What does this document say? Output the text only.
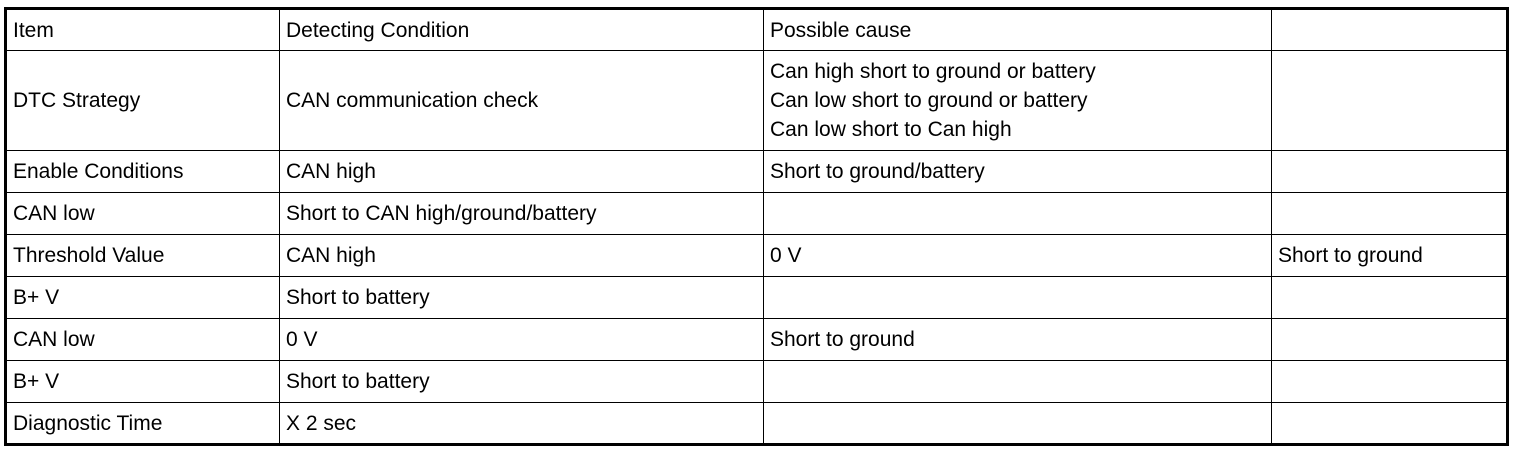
Item	Detecting Condition	Possible cause	
DTC Strategy	CAN communication check	Can high short to ground or battery
Can low short to ground or battery
Can low short to Can high	

Enable Conditions	CAN high	Short to ground/battery	
CAN low	Short to CAN high/ground/battery		
Threshold Value	CAN high	0 V	Short to ground
B+ V	Short to battery		
CAN low	0 V	Short to ground	
B+ V	Short to battery		
Diagnostic Time	X 2 sec		
